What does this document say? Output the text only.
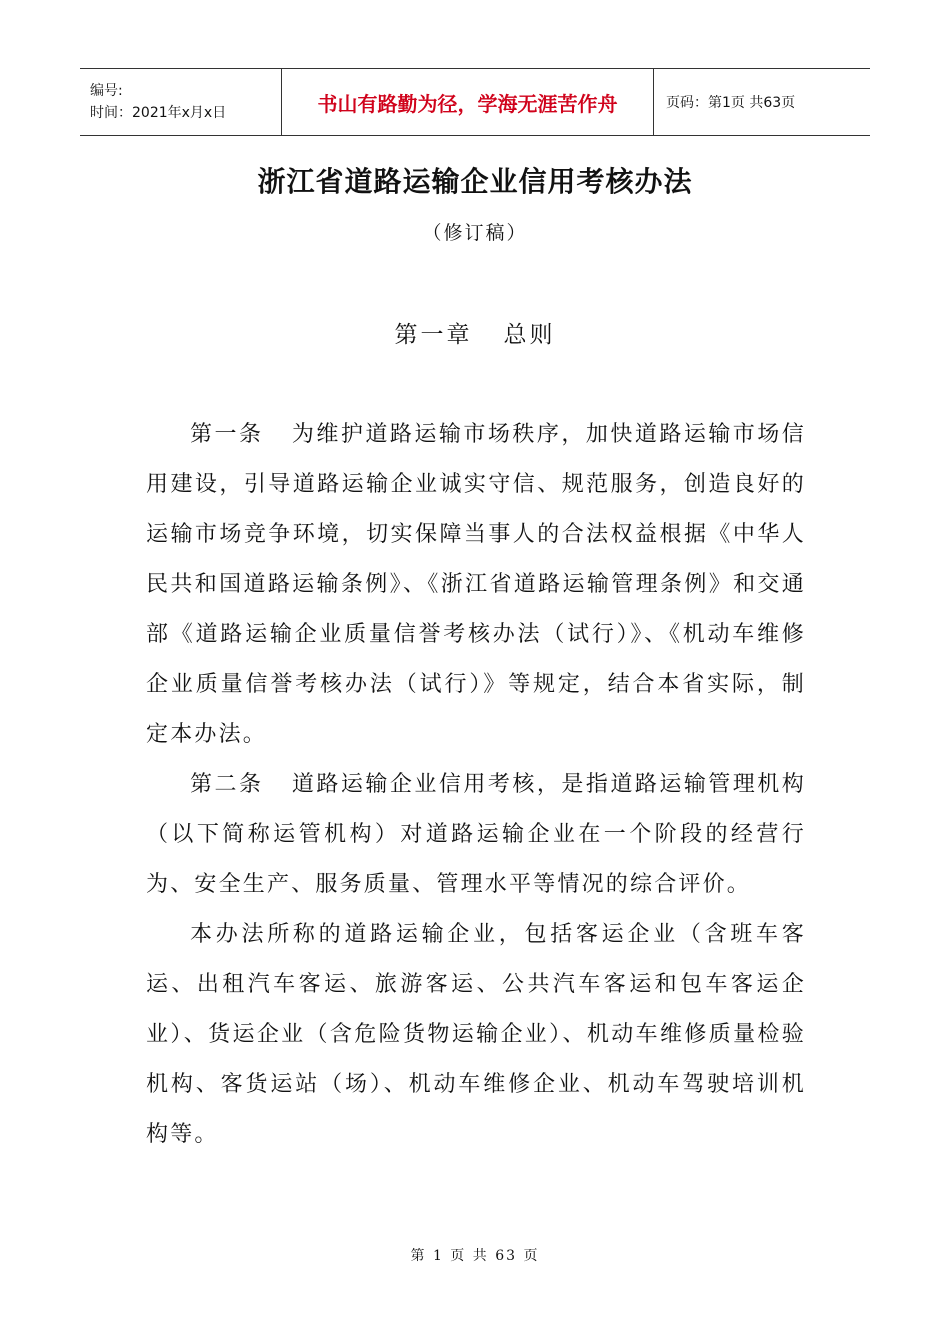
编号:
时间：2021年x月x日	书山有路勤为径，学海无涯苦作舟	页码：第1页 共63页
浙江省道路运输企业信用考核办法
（修订稿）
第一章   总则

第一条   为维护道路运输市场秩序，加快道路运输市场信用建设，引导道路运输企业诚实守信、规范服务，创造良好的运输市场竞争环境，切实保障当事人的合法权益根据《中华人民共和国道路运输条例》、《浙江省道路运输管理条例》和交通部《道路运输企业质量信誉考核办法（试行）》、《机动车维修企业质量信誉考核办法（试行）》等规定，结合本省实际，制定本办法。

第二条   道路运输企业信用考核，是指道路运输管理机构（以下简称运管机构）对道路运输企业在一个阶段的经营行为、安全生产、服务质量、管理水平等情况的综合评价。

本办法所称的道路运输企业，包括客运企业（含班车客运、出租汽车客运、旅游客运、公共汽车客运和包车客运企业）、货运企业（含危险货物运输企业）、机动车维修质量检验机构、客货运站（场）、机动车维修企业、机动车驾驶培训机构等。

第 1 页 共 63 页
